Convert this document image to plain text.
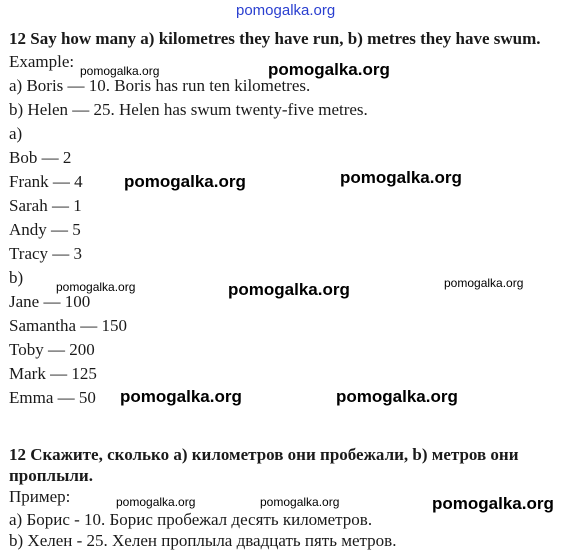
pomogalka.org
12 Say how many a) kilometres they have run, b) metres they have swum.
Example:
a) Boris — 10. Boris has run ten kilometres.
b) Helen — 25. Helen has swum twenty-five metres.
a)
Bob — 2
Frank — 4
Sarah — 1
Andy — 5
Tracy — 3
b)
Jane — 100
Samantha — 150
Toby — 200
Mark — 125
Emma — 50
12 Скажите, сколько а) километров они пробежали, b) метров они
проплыли.
Пример:
а) Борис - 10. Борис пробежал десять километров.
b) Хелен - 25. Хелен проплыла двадцать пять метров.
pomogalka.org
pomogalka.org
pomogalka.org	pomogalka.org
pomogalka.org	pomogalka.org	pomogalka.org
pomogalka.org	pomogalka.org
pomogalka.org	pomogalka.org	pomogalka.org
